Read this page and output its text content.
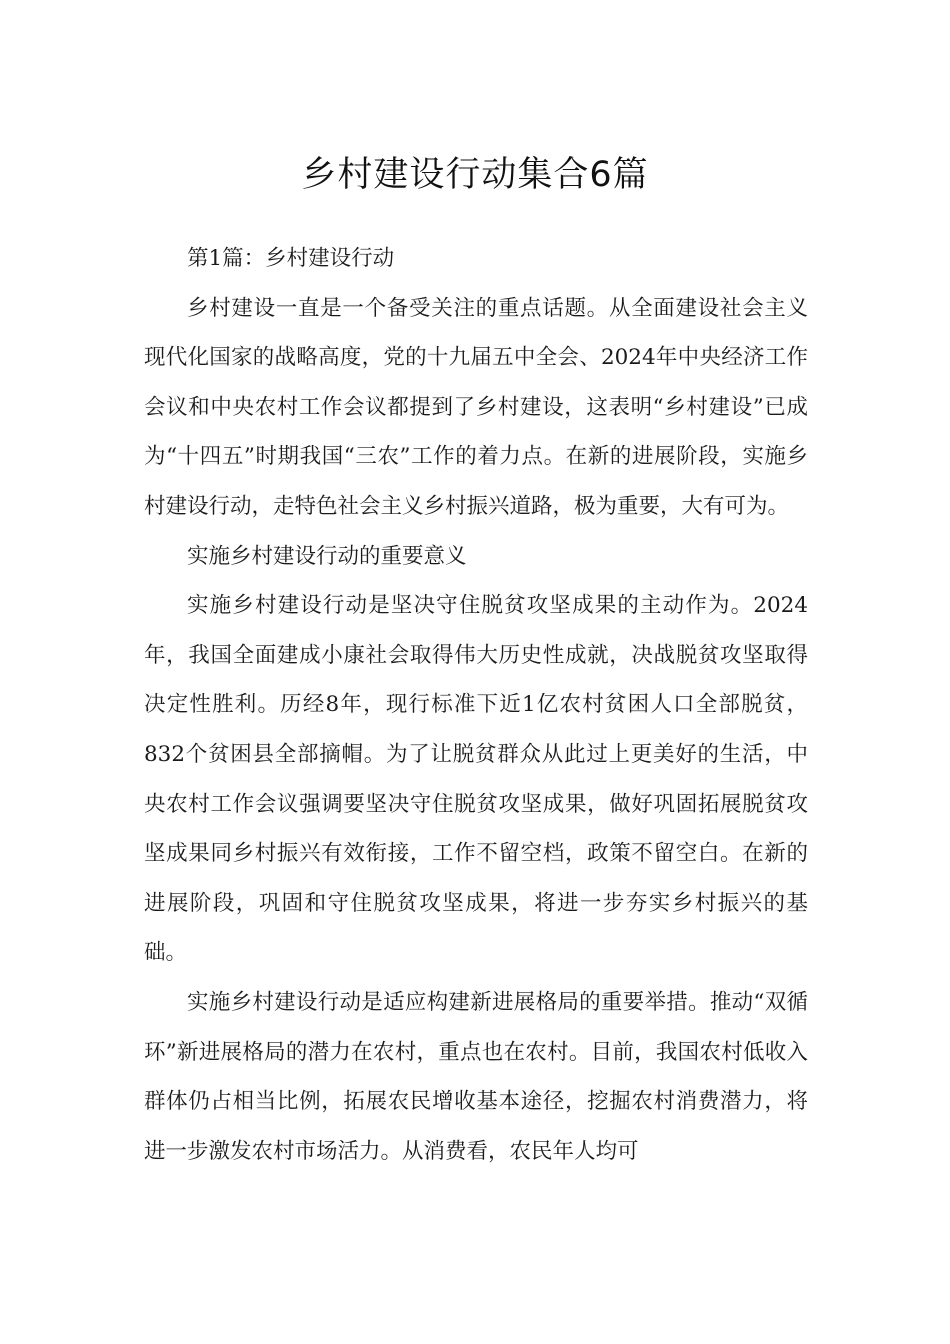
乡村建设行动集合6篇

第1篇：乡村建设行动

乡村建设一直是一个备受关注的重点话题。从全面建设社会主义现代化国家的战略高度，党的十九届五中全会、2024年中央经济工作会议和中央农村工作会议都提到了乡村建设，这表明“乡村建设”已成为“十四五”时期我国“三农”工作的着力点。在新的进展阶段，实施乡村建设行动，走特色社会主义乡村振兴道路，极为重要，大有可为。

实施乡村建设行动的重要意义

实施乡村建设行动是坚决守住脱贫攻坚成果的主动作为。2024年，我国全面建成小康社会取得伟大历史性成就，决战脱贫攻坚取得决定性胜利。历经8年，现行标准下近1亿农村贫困人口全部脱贫，832个贫困县全部摘帽。为了让脱贫群众从此过上更美好的生活，中央农村工作会议强调要坚决守住脱贫攻坚成果，做好巩固拓展脱贫攻坚成果同乡村振兴有效衔接，工作不留空档，政策不留空白。在新的进展阶段，巩固和守住脱贫攻坚成果，将进一步夯实乡村振兴的基础。

实施乡村建设行动是适应构建新进展格局的重要举措。推动“双循环”新进展格局的潜力在农村，重点也在农村。目前，我国农村低收入群体仍占相当比例，拓展农民增收基本途径，挖掘农村消费潜力，将进一步激发农村市场活力。从消费看，农民年人均可
